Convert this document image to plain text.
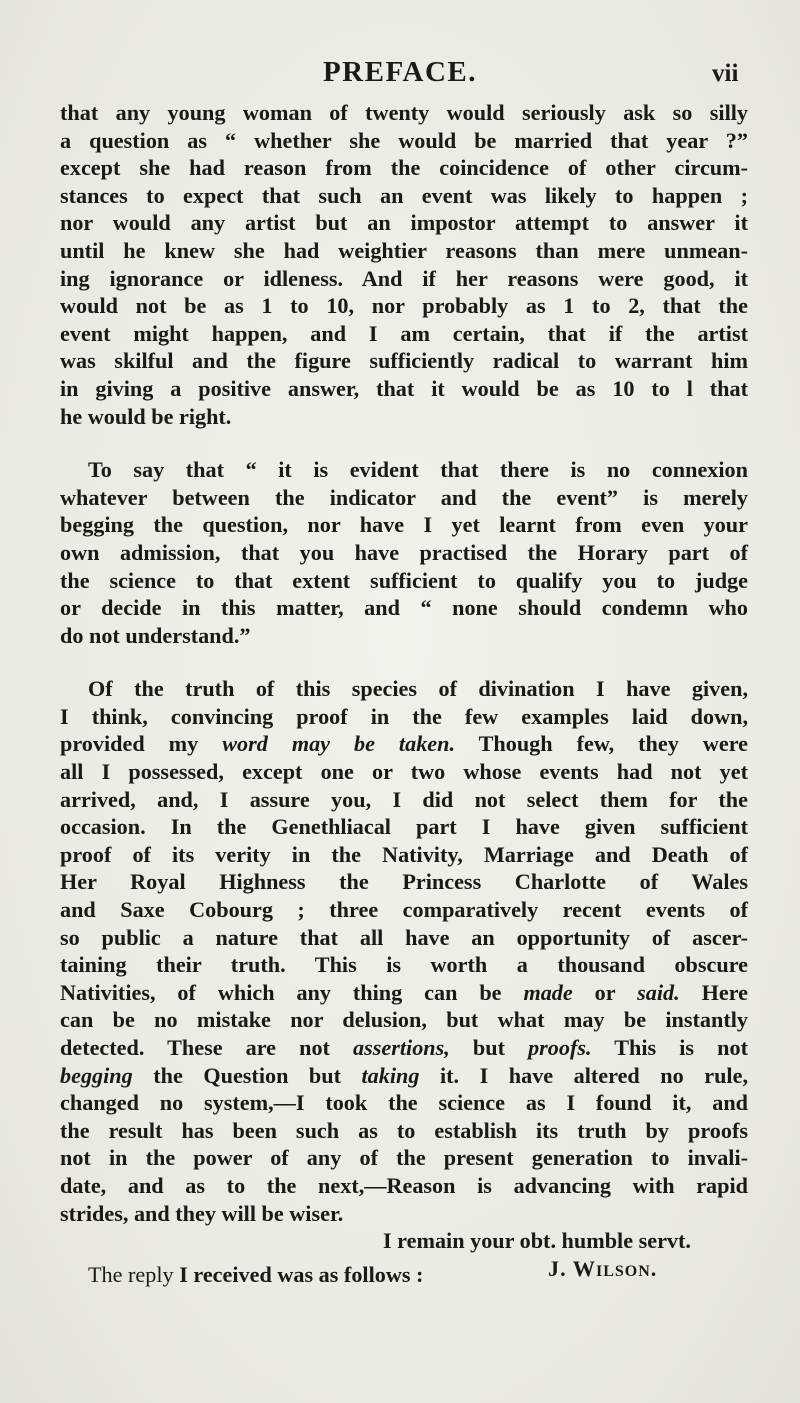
PREFACE.	vii
that any young woman of twenty would seriously ask so silly
a question as “ whether she would be married that year ?”
except she had reason from the coincidence of other circum-
stances to expect that such an event was likely to happen ;
nor would any artist but an impostor attempt to answer it
until he knew she had weightier reasons than mere unmean-
ing ignorance or idleness. And if her reasons were good, it
would not be as 1 to 10, nor probably as 1 to 2, that the
event might happen, and I am certain, that if the artist
was skilful and the figure sufficiently radical to warrant him
in giving a positive answer, that it would be as 10 to l that
he would be right.
To say that “ it is evident that there is no connexion
whatever between the indicator and the event” is merely
begging the question, nor have I yet learnt from even your
own admission, that you have practised the Horary part of
the science to that extent sufficient to qualify you to judge
or decide in this matter, and “ none should condemn who
do not understand.”
Of the truth of this species of divination I have given,
I think, convincing proof in the few examples laid down,
provided my word may be taken. Though few, they were
all I possessed, except one or two whose events had not yet
arrived, and, I assure you, I did not select them for the
occasion. In the Genethliacal part I have given sufficient
proof of its verity in the Nativity, Marriage and Death of
Her Royal Highness the Princess Charlotte of Wales
and Saxe Cobourg ; three comparatively recent events of
so public a nature that all have an opportunity of ascer-
taining their truth. This is worth a thousand obscure
Nativities, of which any thing can be made or said. Here
can be no mistake nor delusion, but what may be instantly
detected. These are not assertions, but proofs. This is not
begging the Question but taking it. I have altered no rule,
changed no system,—I took the science as I found it, and
the result has been such as to establish its truth by proofs
not in the power of any of the present generation to invali-
date, and as to the next,—Reason is advancing with rapid
strides, and they will be wiser.
I remain your obt. humble servt.
J. Wilson.
The reply I received was as follows :
